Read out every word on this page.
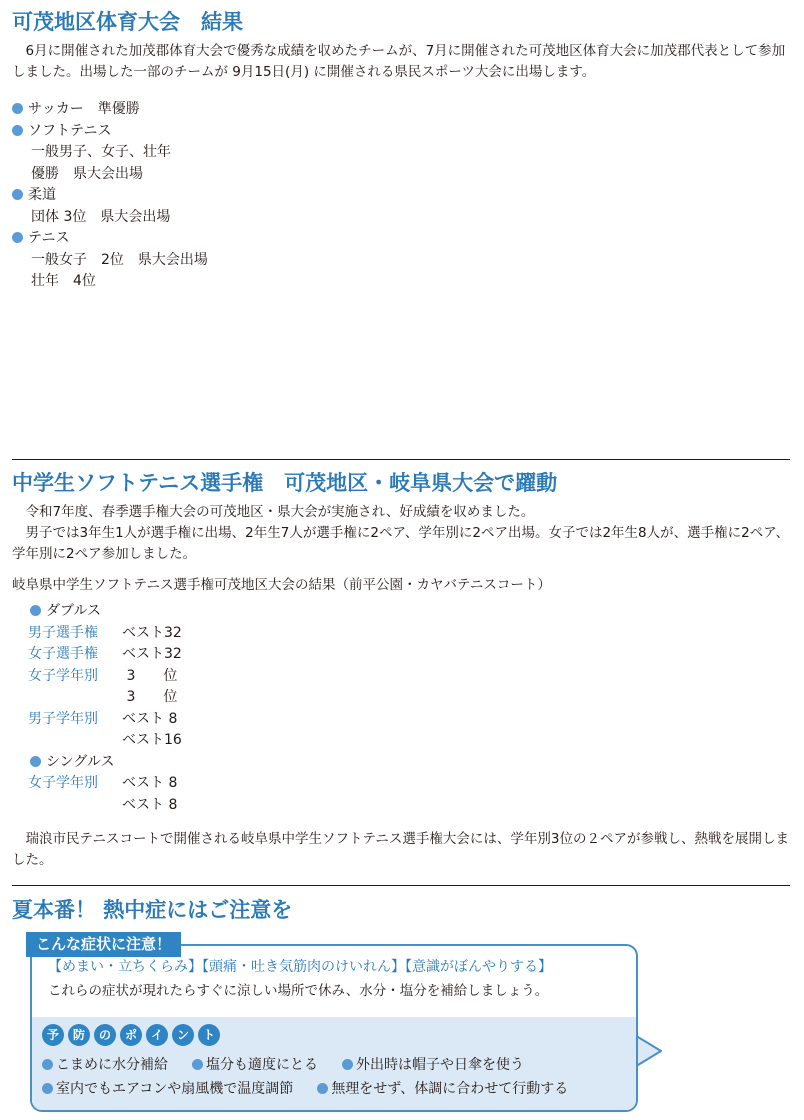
可茂地区体育大会　結果

6月に開催された加茂郡体育大会で優秀な成績を収めたチームが、7月に開催された可茂地区体育大会に加茂郡代表として参加しました。出場した一部のチームが 9月15日(月) に開催される県民スポーツ大会に出場します。

サッカー　準優勝
ソフトテニス
一般男子、女子、壮年
優勝　県大会出場
柔道
団体 3位　県大会出場
テニス
一般女子　2位　県大会出場
壮年　4位
中学生ソフトテニス選手権　可茂地区・岐阜県大会で躍動

令和7年度、春季選手権大会の可茂地区・県大会が実施され、好成績を収めました。

男子では3年生1人が選手権に出場、2年生7人が選手権に2ペア、学年別に2ペア出場。女子では2年生8人が、選手権に2ペア、学年別に2ペア参加しました。

岐阜県中学生ソフトテニス選手権可茂地区大会の結果（前平公園・カヤバテニスコート）
ダブルス
男子選手権	ベスト32
女子選手権	ベスト32
女子学年別	3　　位
3　　位
男子学年別	ベスト 8
ベスト16
シングルス
女子学年別	ベスト 8
ベスト 8

瑞浪市民テニスコートで開催される岐阜県中学生ソフトテニス選手権大会には、学年別3位の２ペアが参戦し、熱戦を展開しました。

夏本番！ 熱中症にはご注意を
【めまい・立ちくらみ】【頭痛・吐き気筋肉のけいれん】【意識がぼんやりする】
これらの症状が現れたらすぐに涼しい場所で休み、水分・塩分を補給しましょう。
予	防	の	ポ	イ	ン	ト
こまめに水分補給	塩分も適度にとる	外出時は帽子や日傘を使う
室内でもエアコンや扇風機で温度調節	無理をせず、体調に合わせて行動する
こんな症状に注意！
